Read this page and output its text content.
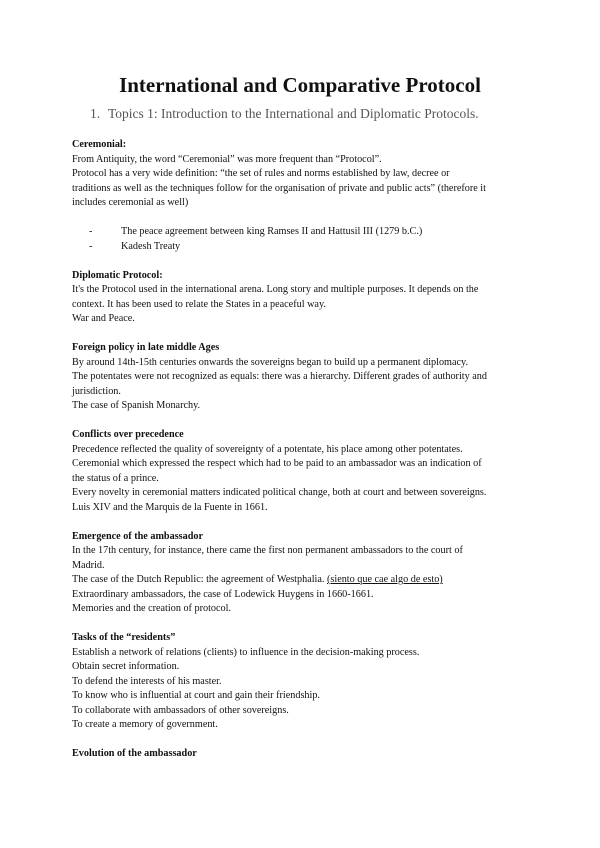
International and Comparative Protocol
1. Topics 1: Introduction to the International and Diplomatic Protocols.

Ceremonial:

From Antiquity, the word “Ceremonial” was more frequent than “Protocol”.

Protocol has a very wide definition: “the set of rules and norms established by law, decree or

traditions as well as the techniques follow for the organisation of private and public acts” (therefore it

includes ceremonial as well)

-	The peace agreement between king Ramses II and Hattusil III (1279 b.C.)

-	Kadesh Treaty

Diplomatic Protocol:

It's the Protocol used in the international arena. Long story and multiple purposes. It depends on the

context. It has been used to relate the States in a peaceful way.

War and Peace.

Foreign policy in late middle Ages

By around 14th-15th centuries onwards the sovereigns began to build up a permanent diplomacy.

The potentates were not recognized as equals: there was a hierarchy. Different grades of authority and

jurisdiction.

The case of Spanish Monarchy.

Conflicts over precedence

Precedence reflected the quality of sovereignty of a potentate, his place among other potentates.

Ceremonial which expressed the respect which had to be paid to an ambassador was an indication of

the status of a prince.

Every novelty in ceremonial matters indicated political change, both at court and between sovereigns.

Luis XIV and the Marquis de la Fuente in 1661.

Emergence of the ambassador

In the 17th century, for instance, there came the first non permanent ambassadors to the court of

Madrid.

The case of the Dutch Republic: the agreement of Westphalia. (siento que cae algo de esto)

Extraordinary ambassadors, the case of Lodewick Huygens in 1660-1661.

Memories and the creation of protocol.

Tasks of the “residents”

Establish a network of relations (clients) to influence in the decision-making process.

Obtain secret information.

To defend the interests of his master.

To know who is influential at court and gain their friendship.

To collaborate with ambassadors of other sovereigns.

To create a memory of government.

Evolution of the ambassador
